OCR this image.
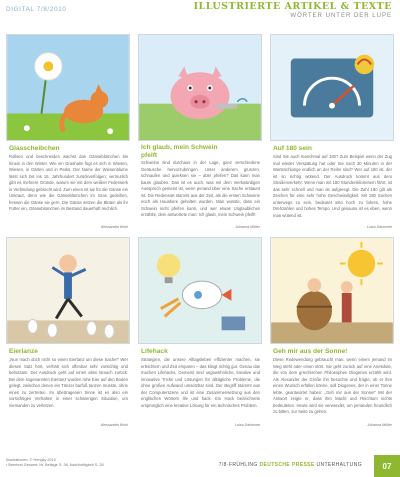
DIGITAL 7/8/2010	ILLUSTRIERTE ARTIKEL & TEXTE
WÖRTER UNTER DER LUPE
Glasscheibchen

Rollsen und beschneiden wächst das Gänseblümchen bis hinein in den Winter. Wie ein Grashalm fügt es sich in Wiesen, Wiesen, in Gärten und in Parks. Der Name der Wiesenblume lässt sich bis ins 16. Jahrhundert zurückverfolgen; vermutlich gibt es mehrere Gründe, warum sie mit dem weißen Federwerk in Verbindung gebracht wird. Zum einen ist sie für die Gänse ein Unkraut, denn wie die Gänseblümchen im Gras gedeihen, fressen die Gänse sie gern. Die Gänse setzen die Blüten als ihr Futter ein, Gänseblümchen im Bestand dauerhaft reichlich.

Alessandra Wohl
Ich glaub, mein Schwein pfeift

Schweine sind durchaus in der Lage, ganz verschiedene Geräusche hervorzubringen. Unter anderem grunzen, schnaufen und quieksen sie – aber pfeifen? Das kann man kaum glauben. Das ist es auch, was mit dem merkwürdigen Ausspruch gemeint ist, wenn jemand über eine Sache erstaunt ist. Die Redensart stammt aus der Zeit, als die ersten Schweine noch als Haustiere gehalten wurden. Man wusste, dass ein Schwein nicht pfeifen kann, und wer etwas Unglaubliches erzählte, dem antwortete man: Ich glaub, mein Schwein pfeift!

Johanna Müller
Auf 180 sein

Sind Sie auch manchmal auf 180? Zum Beispiel wenn der Zug mal wieder Verspätung hat oder Sie nach 30 Minuten in der Warteschlange endlich an der Reihe sind? Wer auf 180 ist, der ist so richtig wütend. Der Ausdruck kommt aus dem Straßenverkehr: Wenn man mit 180 Stundenkilometern fährt, ist das sehr schnell und man ist aufgeregt. Die Zahl 180 gilt als Zeichen für eine sehr hohe Geschwindigkeit. Mit 180 Sachen unterwegs zu sein, bedeutet also hoch zu fahren, hohe Drehzahlen und hohes Tempo. Und genauso ist es eben, wenn man wütend ist.

Luisa Dalmonte
Eierlanze

„Nun mach doch nicht so einen Eiertanz um diese Sache!“ Wer diesen Satz hört, verhält sich offenbar sehr vorsichtig und behutsam. Der Ausdruck geht auf einen alten Brauch zurück: Bei dem sogenannten Eiertanz wurden rohe Eier auf den Boden gelegt, zwischen denen ein Tänzer barfuß tanzen musste, ohne eines zu zertreten. Im übertragenen Sinne ist es also ein vorsichtiges Verhalten in einer schwierigen Situation, um niemanden zu verletzen.

Alessandra Wohl
Lifehack

Strategien, die unsere Alltagsleben effizienter machen, sie erleichtern und Zeit ersparen – das klingt richtig gut. Genau das machen Lifehacks. Gemeint sind ungewöhnliche, kreative und innovative Tricks und Lösungen für alltägliche Probleme, die ohne großen Aufwand umsetzbar sind. Der Begriff stammt aus der Computerszene und ist eine Zusammensetzung aus den englischen Wörtern life und hack. Ein Hack bezeichnete ursprünglich eine kreative Lösung für ein technisches Problem.

Luisa Dalmonte
Geh mir aus der Sonne!

Diese Redewendung gebraucht man, wenn einem jemand im Weg steht oder einen stört. Sie geht zurück auf eine Anekdote, die von dem griechischen Philosophen Diogenes erzählt wird. Als Alexander der Große ihn besuchte und fragte, ob er ihm einen Wunsch erfüllen könne, soll Diogenes, der in einer Tonne lebte, geantwortet haben: „Geh mir aus der Sonne!“ Mit der Antwort zeigte er, dass ihm Macht und Reichtum nichts bedeuteten. Heute wird sie verwendet, um jemanden freundlich zu bitten, zur Seite zu gehen.

Johanna Müller
Illustrationen: © Hengky 2010
• Beertext-Gesamt: Nr. Beilage S. 36, Nachhaltigkeit S. 28	7/8·FRÜHLING DEUTSCHE PRESSE UNTERHALTUNG	07
